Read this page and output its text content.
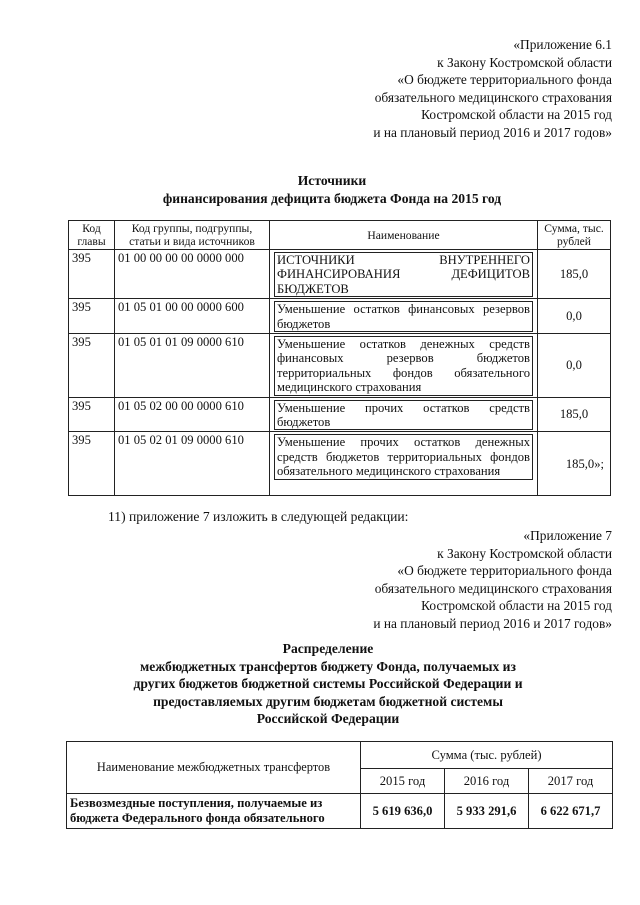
«Приложение 6.1
к Закону Костромской области
«О бюджете территориального фонда
обязательного медицинского страхования
Костромской области на 2015 год
и на плановый период 2016 и 2017 годов»
Источники
финансирования дефицита бюджета Фонда на 2015 год
Код главы	Код группы, подгруппы, статьи и вида источников	Наименование	Сумма, тыс. рублей
395	01 00 00 00 00 0000 000	ИСТОЧНИКИ ВНУТРЕННЕГО ФИНАНСИРОВАНИЯ ДЕФИЦИТОВ БЮДЖЕТОВ	185,0
395	01 05 01 00 00 0000 600	Уменьшение остатков финансовых резервов бюджетов	0,0
395	01 05 01 01 09 0000 610	Уменьшение остатков денежных средств финансовых резервов бюджетов территориальных фондов обязательного медицинского страхования	0,0
395	01 05 02 00 00 0000 610	Уменьшение прочих остатков средств бюджетов	185,0
395	01 05 02 01 09 0000 610	Уменьшение прочих остатков денежных средств бюджетов территориальных фондов обязательного медицинского страхования	185,0»;
11) приложение 7 изложить в следующей редакции:
«Приложение 7
к Закону Костромской области
«О бюджете территориального фонда
обязательного медицинского страхования
Костромской области на 2015 год
и на плановый период 2016 и 2017 годов»
Распределение
межбюджетных трансфертов бюджету Фонда, получаемых из
других бюджетов бюджетной системы Российской Федерации и
предоставляемых другим бюджетам бюджетной системы
Российской Федерации
Наименование межбюджетных трансфертов	Сумма (тыс. рублей)		
	2015 год	2016 год	2017 год
Безвозмездные поступления, получаемые из бюджета Федерального фонда обязательного	5 619 636,0	5 933 291,6	6 622 671,7
